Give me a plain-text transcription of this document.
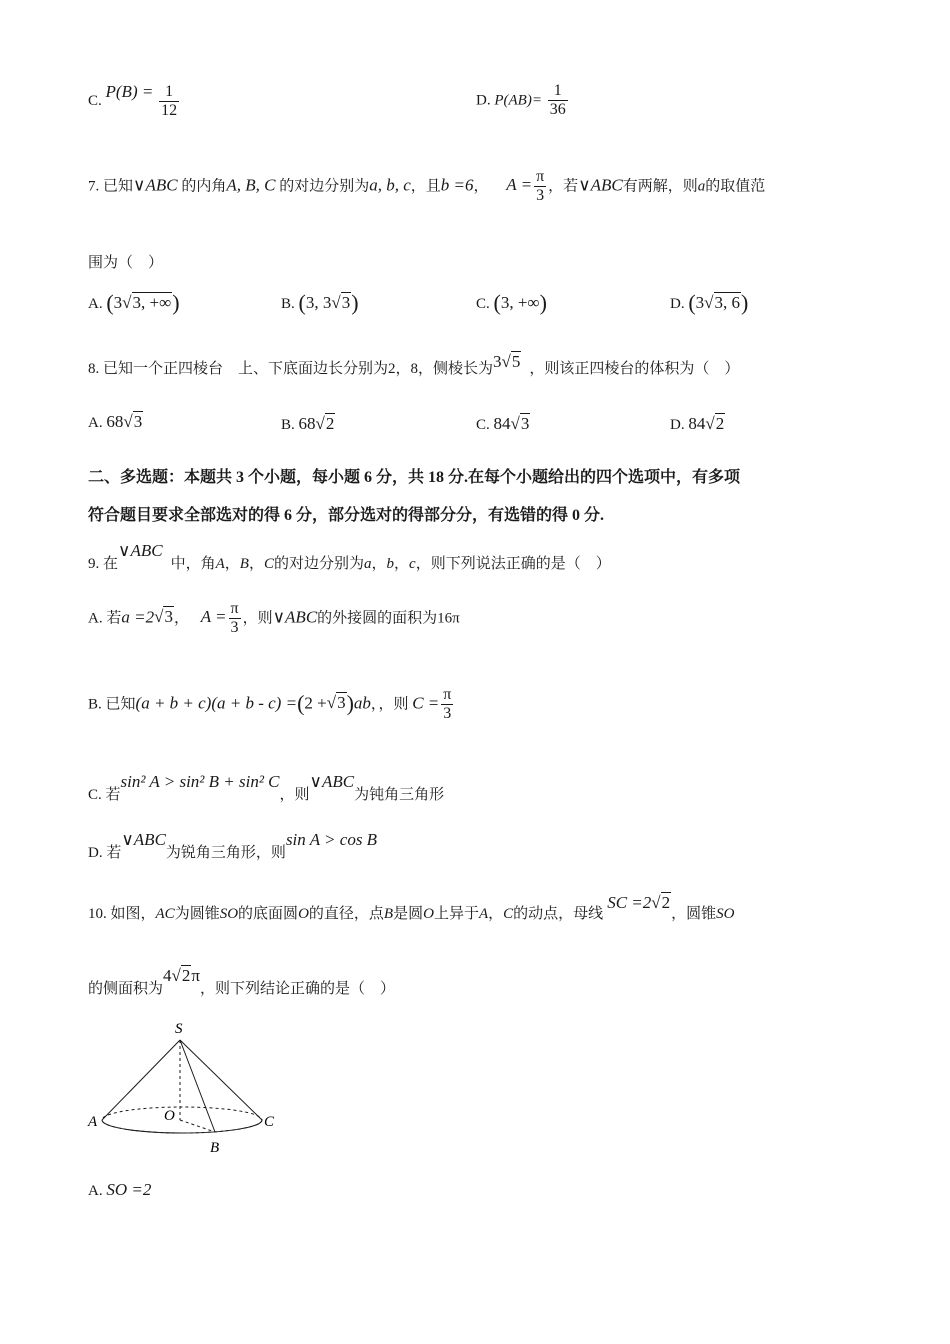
C. $P(B) = \frac{1}{12}$	D. $P(AB)= \frac{1}{36}$
7. 已知∨ABC 的内角A, B, C 的对边分别为a, b, c，且b =6， $A = \frac{\pi}{3}$ ，若∨ABC有两解，则a的取值范
围为（　）
A. (3√3, +∞)	B. (3, 3√3)	C. (3, +∞)	D. (3√3, 6)
8. 已知一个正四棱台　上、下底面边长分别为2，8，侧棱长为3√5 ，则该正四棱台的体积为（　）
A. 68√3	B. 68√2	C. 84√3	D. 84√2
二、多选题：本题共 3 个小题，每小题 6 分，共 18 分.在每个小题给出的四个选项中，有多项
符合题目要求全部选对的得 6 分，部分选对的得部分分，有选错的得 0 分.
9. 在∨ABC中，角A，B，C的对边分别为a，b，c，则下列说法正确的是（　）
A. 若a =2√3， $A = \frac{\pi}{3}$ ，则∨ABC的外接圆的面积为16π
B. 已知(a + b + c)(a + b - c) =(2 +√3)ab，，则 $C = \frac{\pi}{3}$
C. 若sin² A > sin² B + sin² C，则∨ABC为钝角三角形
D. 若∨ABC为锐角三角形，则sin A > cos B
10. 如图，AC为圆锥SO的底面圆O的直径，点B是圆O上异于A，C的动点，母线SC =2√2，圆锥SO
的侧面积为4√2π，则下列结论正确的是（　）
S
O
A
B
C
A. SO =2
